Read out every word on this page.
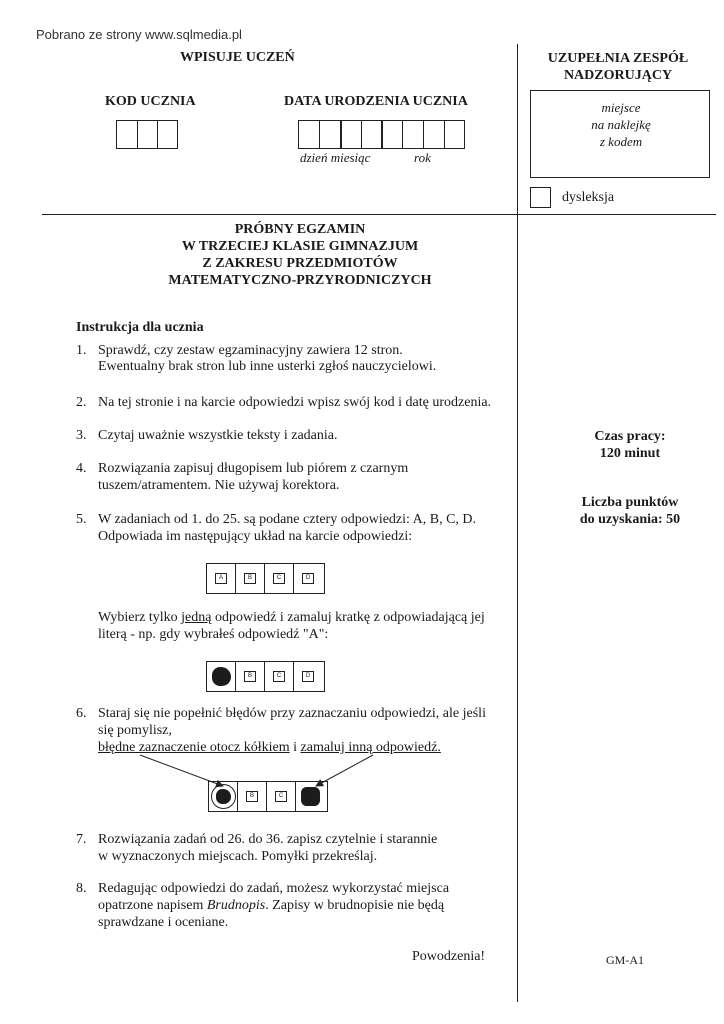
Pobrano ze strony www.sqlmedia.pl
WPISUJE UCZEŃ
KOD UCZNIA	DATA URODZENIA UCZNIA
dzień miesiąc	rok
UZUPEŁNIA ZESPÓŁ
NADZORUJĄCY
miejsce
na naklejkę
z kodem
dysleksja
PRÓBNY EGZAMIN
W TRZECIEJ KLASIE GIMNAZJUM
Z ZAKRESU PRZEDMIOTÓW
MATEMATYCZNO-PRZYRODNICZYCH
Instrukcja dla ucznia
1. Sprawdź, czy zestaw egzaminacyjny zawiera 12 stron.
Ewentualny brak stron lub inne usterki zgłoś nauczycielowi.
2. Na tej stronie i na karcie odpowiedzi wpisz swój kod i datę urodzenia.
3. Czytaj uważnie wszystkie teksty i zadania.
4. Rozwiązania zapisuj długopisem lub piórem z czarnym
tuszem/atramentem. Nie używaj korektora.
5. W zadaniach od 1. do 25. są podane cztery odpowiedzi: A, B, C, D.
Odpowiada im następujący układ na karcie odpowiedzi:
A	B	C	D
Wybierz tylko jedną odpowiedź i zamaluj kratkę z odpowiadającą jej
literą - np. gdy wybrałeś odpowiedź "A":
B	C	D
6. Staraj się nie popełnić błędów przy zaznaczaniu odpowiedzi, ale jeśli
się pomylisz,
błędne zaznaczenie otocz kółkiem i zamaluj inną odpowiedź.
B	C
7. Rozwiązania zadań od 26. do 36. zapisz czytelnie i starannie
w wyznaczonych miejscach. Pomyłki przekreślaj.
8. Redagując odpowiedzi do zadań, możesz wykorzystać miejsca
opatrzone napisem Brudnopis. Zapisy w brudnopisie nie będą
sprawdzane i oceniane.
Powodzenia!
Czas pracy:
120 minut
Liczba punktów
do uzyskania: 50
GM-A1
